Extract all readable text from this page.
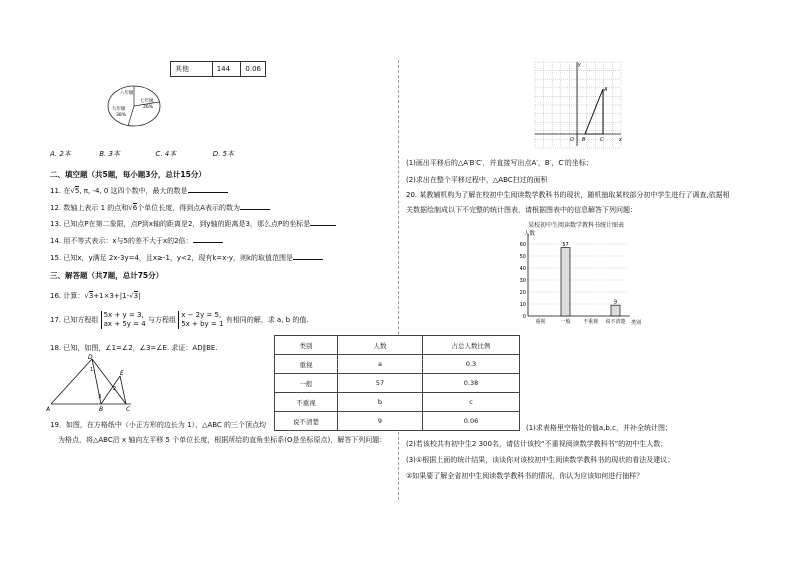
其他	144	0.06
八年级
七年级
26%
九年级
38%
A. 2本	B. 3本	C. 4本	D. 5本
二、填空题（共5题，每小题3分，总计15分）
11. 在√5, π, -4, 0 这四个数中，最大的数是
12. 数轴上表示 1 的点和√6个单位长度，得到点A表示的数为
13. 已知点P在第二象限，点P到x轴的距离是2，到y轴的距离是3，那么点P的坐标是
14. 用不等式表示：x与5的差不大于x的2倍：
15. 已知x，y满足 2x-3y=4，且x≥-1，y<2，现有k=x-y，则k的取值范围是
三、解答题（共7题，总计75分）
16. 计算：√3+1×3+|1-√3|
17. 已知方程组 5x + y = 3,
ax + 5y = 4 与方程组 x − 2y = 5,
5x + by = 1 有相同的解，求 a, b 的值.
18. 已知，如图，∠1=∠2，∠3=∠E. 求证：AD∥BE.
D
E
A	B	C
1
2
3
19．如图，在方格纸中（小正方形的边长为 1），△ABC 的三个顶点均
为格点，将△ABC沿 x 轴向左平移 5 个单位长度，根据所给的直角坐标系(O是坐标原点)，解答下列问题：
y
x
O
A
B	C
(1)画出平移后的△A′B′C′，并直接写出点A′，B′，C′的坐标；
(2)求出在整个平移过程中，△ABC扫过的面积
20. 某教辅机构为了解在校初中生阅读数学教科书的现状，随机抽取某校部分初中学生进行了调查,依据相
关数据绘制成以下不完整的统计图表，请根据图表中的信息解答下列问题：
某校初中生阅读数学教科书统计图表
57
9
0
10
20
30
40
50
60
重视	一般 不重视 说不清楚
人数
类别
类别	人数	占总人数比例
重视	a	0.3
一般	57	0.38
不重视	b	c
说不清楚	9	0.06
(1)求表格里空格处的值a,b,c，并补全统计图；
(2)若该校共有初中生2 300名，请估计该校“不重视阅读数学教科书”的初中生人数；
(3)①根据上面的统计结果，谈谈你对该校初中生阅读数学教科书的现状的看法及建议；
②如果要了解全省初中生阅读数学教科书的情况，你认为应该如何进行抽样？
